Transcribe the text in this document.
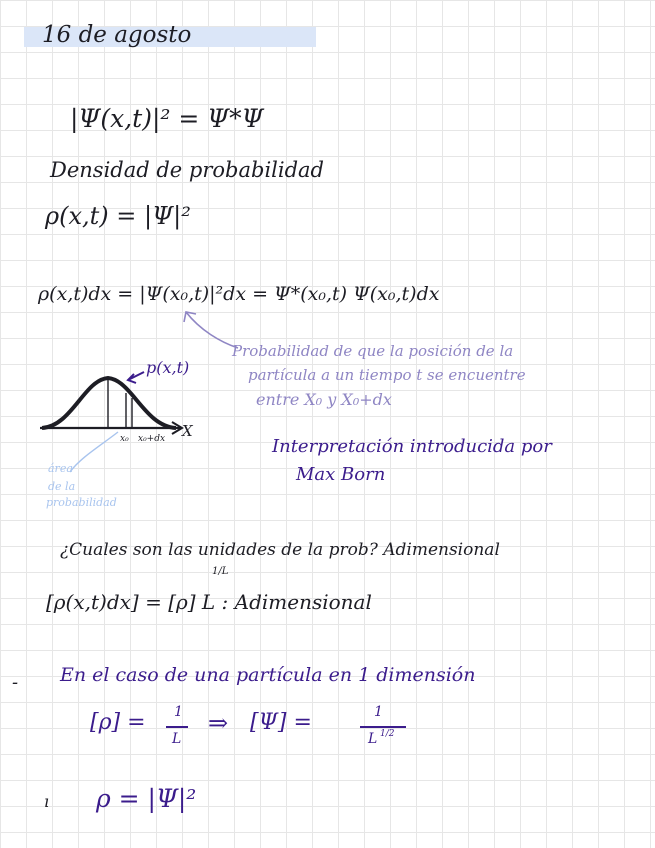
16 de agosto
|Ψ(x,t)|² = Ψ*Ψ
Densidad de probabilidad
ρ(x,t) = |Ψ|²
ρ(x,t)dx = |Ψ(x₀,t)|²dx = Ψ*(x₀,t) Ψ(x₀,t)dx
Probabilidad de que la posición de la
partícula a un tiempo t se encuentre
entre X₀ y X₀+dx
p(x,t)
X
x₀ x₀+dx
área
de la
probabilidad
Interpretación introducida por
Max Born
¿Cuales son las unidades de la prob? Adimensional
1/L
[ρ(x,t)dx] = [ρ] L : Adimensional
- En el caso de una partícula en 1 dimensión
[ρ] = 1
L
⇒ [Ψ] =	1
L 1/2
ı ρ = |Ψ|²
